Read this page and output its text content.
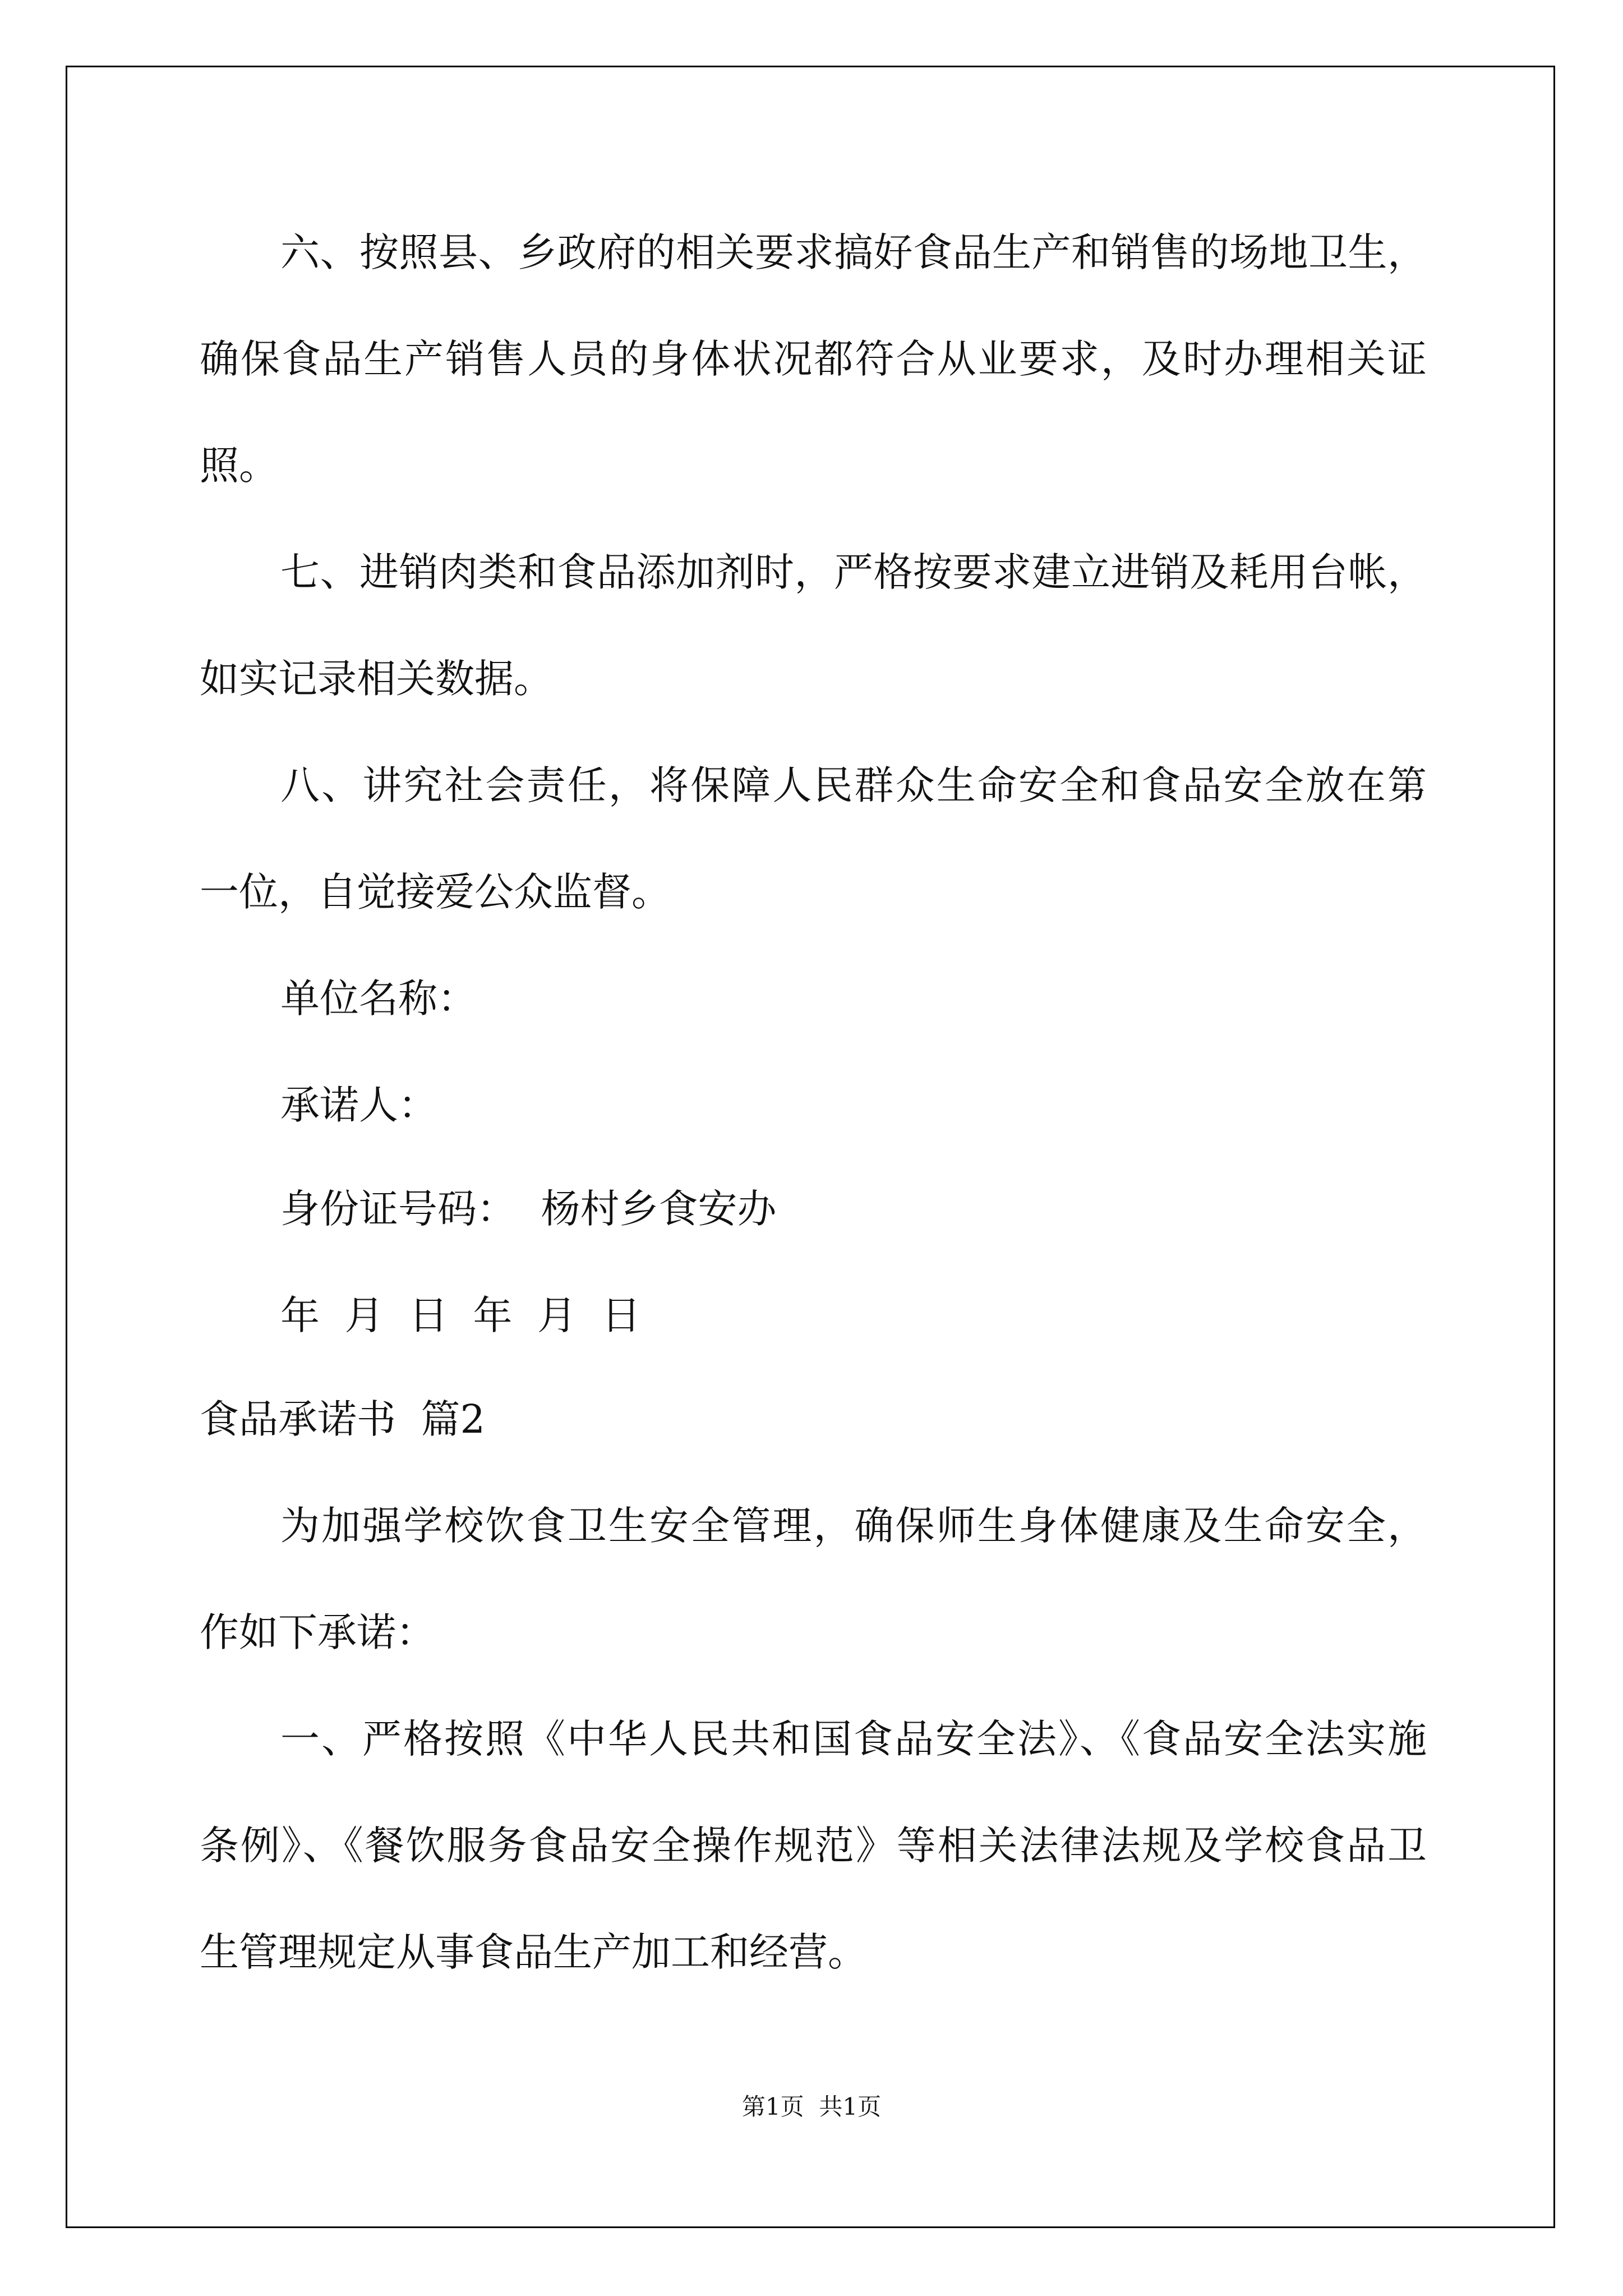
六、按照县、乡政府的相关要求搞好食品生产和销售的场地卫生，
确保食品生产销售人员的身体状况都符合从业要求，及时办理相关证
照。
七、进销肉类和食品添加剂时，严格按要求建立进销及耗用台帐，
如实记录相关数据。
八、讲究社会责任，将保障人民群众生命安全和食品安全放在第
一位，自觉接爱公众监督。
单位名称：
承诺人：
身份证号码：  杨村乡食安办
年  月  日  年  月  日
食品承诺书  篇2
为加强学校饮食卫生安全管理，确保师生身体健康及生命安全，
作如下承诺：
一、严格按照《中华人民共和国食品安全法》、《食品安全法实施
条例》、《餐饮服务食品安全操作规范》等相关法律法规及学校食品卫
生管理规定从事食品生产加工和经营。
第1页  共1页
